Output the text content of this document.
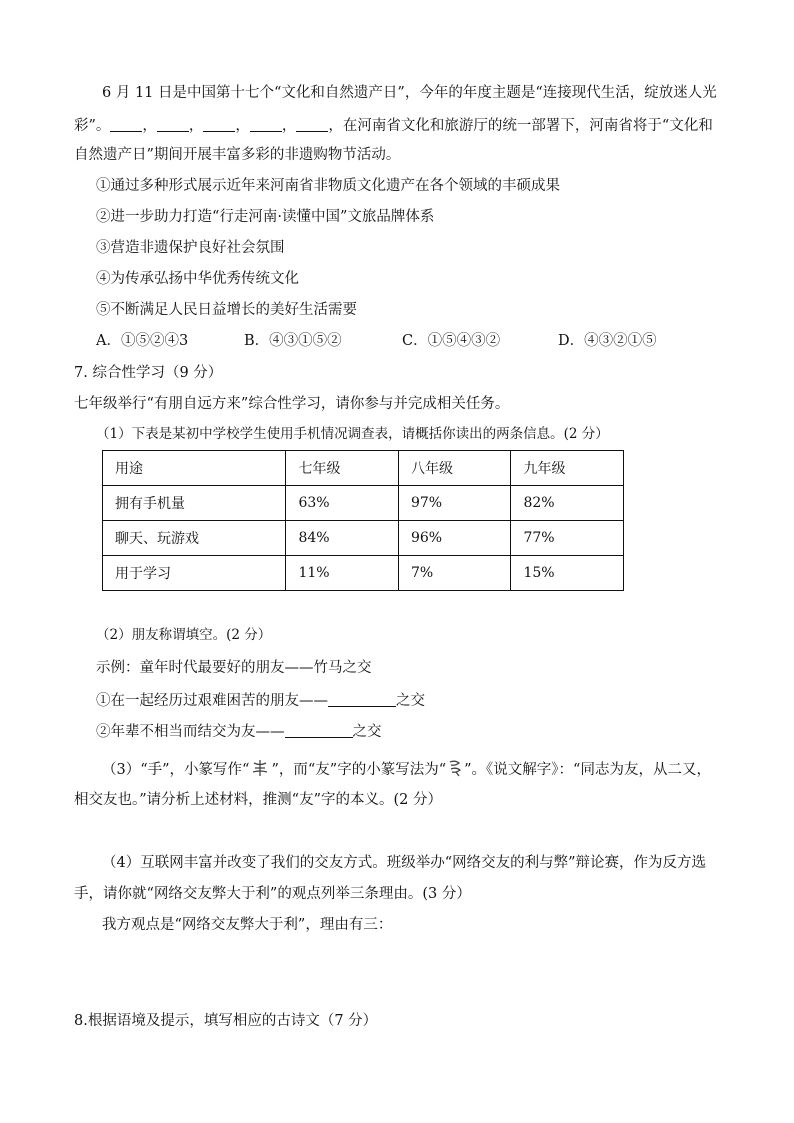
6 月 11 日是中国第十七个“文化和自然遗产日”，今年的年度主题是“连接现代生活，绽放迷人光
彩”。 ， ， ， ， ，在河南省文化和旅游厅的统一部署下，河南省将于“文化和
自然遗产日”期间开展丰富多彩的非遗购物节活动。
①通过多种形式展示近年来河南省非物质文化遗产在各个领域的丰硕成果
②进一步助力打造“行走河南·读懂中国”文旅品牌体系
③营造非遗保护良好社会氛围
④为传承弘扬中华优秀传统文化
⑤不断满足人民日益增长的美好生活需要
A．①⑤②④3	B．④③①⑤②	C．①⑤④③②	D．④③②①⑤
7. 综合性学习（9 分）
七年级举行“有朋自远方来”综合性学习，请你参与并完成相关任务。
（1）下表是某初中学校学生使用手机情况调查表，请概括你读出的两条信息。(2 分）
用途	七年级	八年级	九年级
拥有手机量	63%	97%	82%
聊天、玩游戏	84%	96%	77%
用于学习	11%	7%	15%
（2）朋友称谓填空。(2 分）
示例：童年时代最要好的朋友——竹马之交
①在一起经历过艰难困苦的朋友——	之交
②年辈不相当而结交为友——	之交
（3）“手”，小篆写作“ ”，而“友”字的小篆写法为“ ”。《说文解字》：“同志为友，从二又，
相交友也。”请分析上述材料，推测“友”字的本义。(2 分）
（4）互联网丰富并改变了我们的交友方式。班级举办“网络交友的利与弊”辩论赛，作为反方选
手，请你就“网络交友弊大于利”的观点列举三条理由。(3 分）
我方观点是“网络交友弊大于利”，理由有三：
8.根据语境及提示，填写相应的古诗文（7 分）
